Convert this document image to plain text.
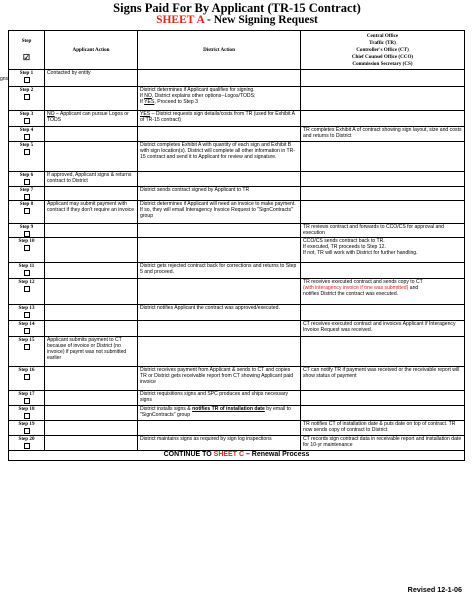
Signs Paid For By Applicant (TR-15 Contract)
SHEET A - New Signing Request
gns
Step
☑	Applicant Action	District Action	Central Office
Traffic (TR)
Controller's Office (CT)
Chief Counsel Office (CCO)
Commission Secretary (CS)
Step 1	Contacted by entity		
Step 2		District determines if Applicant qualifies for signing.
If NO, District explains other options--Logos/TODS;
If YES, Proceed to Step 3	
Step 3	NO – Applicant can pursue Logos or TODS	YES – District requests sign details/costs from TR (used for Exhibit A of TR-15 contract)	
Step 4			TR completes Exhibit A of contract showing sign layout, size and costs and returns to District
Step 5		District completes Exhibit A with quantity of each sign and Exhibit B with sign location(s). District will complete all other information in TR-15 contract and send it to Applicant for review and signature.	
Step 6	If approved, Applicant signs & returns contract to District		
Step 7		District sends contract signed by Applicant to TR	
Step 8	Applicant may submit payment with contract if they don't require an invoice	District determines if Applicant will need an invoice to make payment. If so, they will email Interagency Invoice Request to "SignContracts" group	
Step 9			TR reviews contract and forwards to CCO/CS for approval and execution
Step 10			CCO/CS sends contract back to TR.
If executed, TR proceeds to Step 12.
If not, TR will work with District for further handling.
Step 11		District gets rejected contract back for corrections and returns to Step 5 and proceed.	
Step 12			TR receives executed contract and sends copy to CT
(with interagency invoice if one was submitted) and
notifies District the contract was executed.
Step 13		District notifies Applicant the contract was approved/executed.	
Step 14			CT receives executed contract and invoices Applicant if Interagency Invoice Request was received.
Step 15	Applicant submits payment to CT because of invoice or District (no invoice) if paymt was not submitted earlier		
Step 16		District receives payment from Applicant & sends to CT and copies TR or District gets receivable report from CT showing Applicant paid invoice	CT can notify TR if payment was received or the receivable report will show status of payment
Step 17		District requisitions signs and SPC produces and ships necessary signs	
Step 18		District installs signs & notifies TR of installation date by email to "SignContracts" group	
Step 19			TR notifies CT of installation date & puts date on top of contract. TR now sends copy of contract to District
Step 20		District maintains signs as required by sign log inspections	CT records sign contract data in receivable report and installation date for 10-yr maintenance
CONTINUE TO SHEET C – Renewal Process			
Revised 12-1-06
